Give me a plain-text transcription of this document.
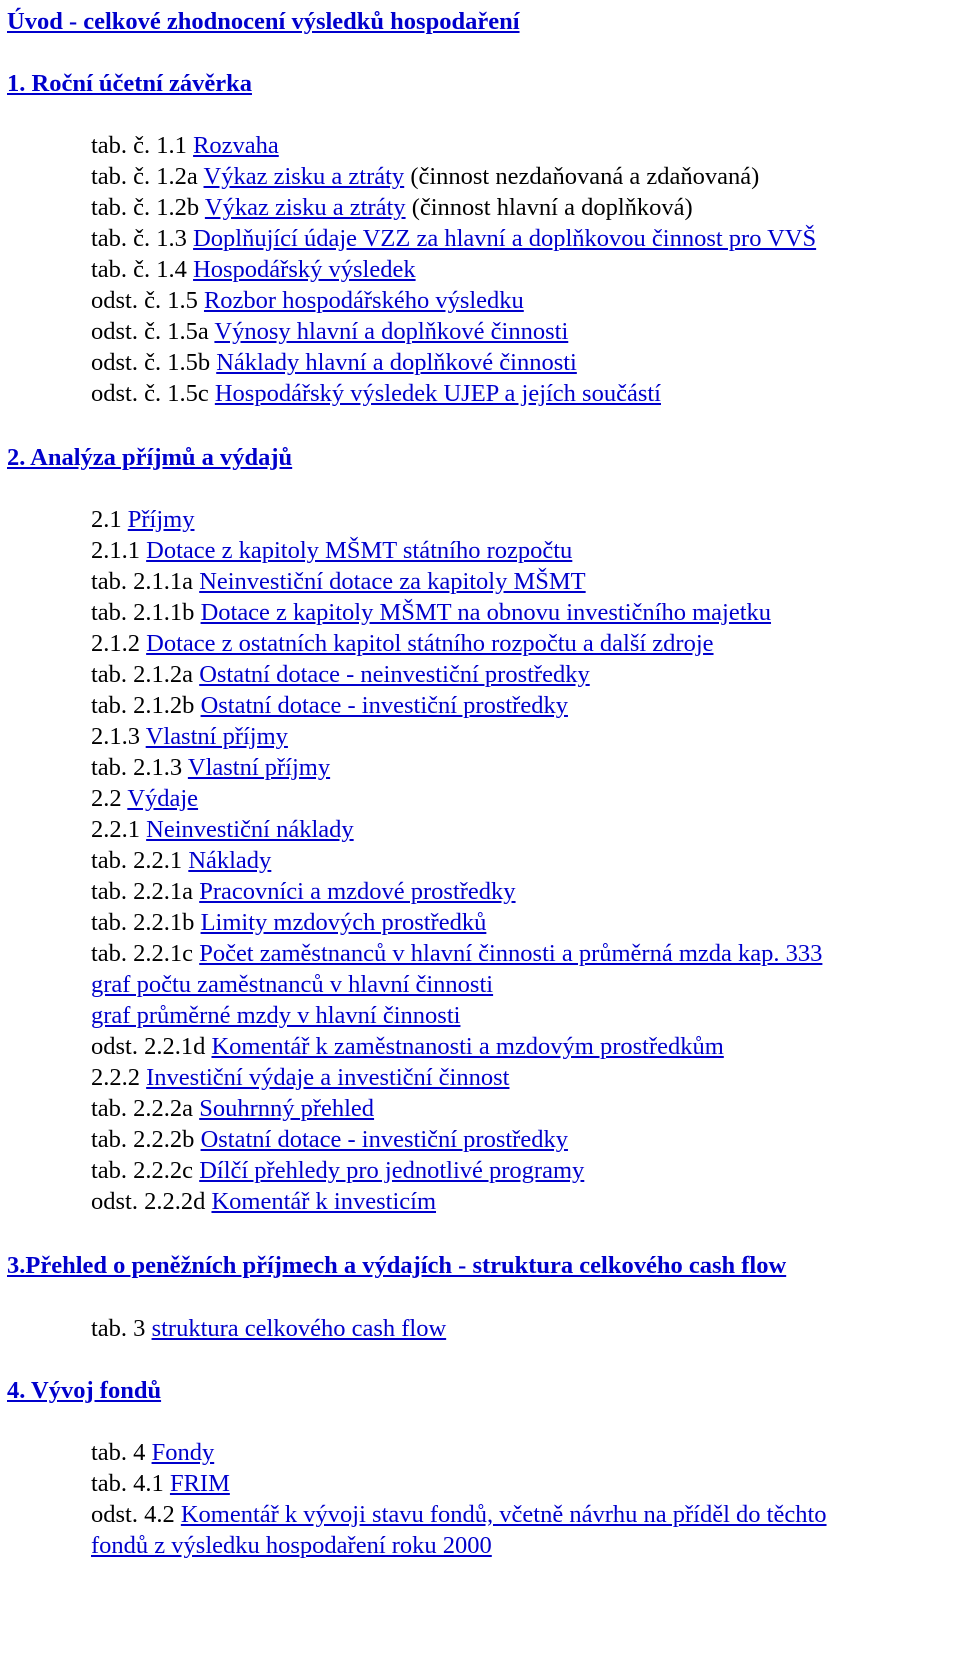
Úvod - celkové zhodnocení výsledků hospodaření
1. Roční účetní závěrka
tab. č. 1.1 Rozvaha
tab. č. 1.2a Výkaz zisku a ztráty (činnost nezdaňovaná a zdaňovaná)
tab. č. 1.2b Výkaz zisku a ztráty (činnost hlavní a doplňková)
tab. č. 1.3 Doplňující údaje VZZ za hlavní a doplňkovou činnost pro VVŠ
tab. č. 1.4 Hospodářský výsledek
odst. č. 1.5 Rozbor hospodářského výsledku
odst. č. 1.5a Výnosy hlavní a doplňkové činnosti
odst. č. 1.5b Náklady hlavní a doplňkové činnosti
odst. č. 1.5c Hospodářský výsledek UJEP a jejích součástí
2. Analýza příjmů a výdajů
2.1 Příjmy
2.1.1 Dotace z kapitoly MŠMT státního rozpočtu
tab. 2.1.1a Neinvestiční dotace za kapitoly MŠMT
tab. 2.1.1b Dotace z kapitoly MŠMT na obnovu investičního majetku
2.1.2 Dotace z ostatních kapitol státního rozpočtu a další zdroje
tab. 2.1.2a Ostatní dotace - neinvestiční prostředky
tab. 2.1.2b Ostatní dotace - investiční prostředky
2.1.3 Vlastní příjmy
tab. 2.1.3 Vlastní příjmy
2.2 Výdaje
2.2.1 Neinvestiční náklady
tab. 2.2.1 Náklady
tab. 2.2.1a Pracovníci a mzdové prostředky
tab. 2.2.1b Limity mzdových prostředků
tab. 2.2.1c Počet zaměstnanců v hlavní činnosti a průměrná mzda kap. 333
graf počtu zaměstnanců v hlavní činnosti
graf průměrné mzdy v hlavní činnosti
odst. 2.2.1d Komentář k zaměstnanosti a mzdovým prostředkům
2.2.2 Investiční výdaje a investiční činnost
tab. 2.2.2a Souhrnný přehled
tab. 2.2.2b Ostatní dotace - investiční prostředky
tab. 2.2.2c Dílčí přehledy pro jednotlivé programy
odst. 2.2.2d Komentář k investicím
3.Přehled o peněžních příjmech a výdajích - struktura celkového cash flow
tab. 3 struktura celkového cash flow
4. Vývoj fondů
tab. 4 Fondy
tab. 4.1 FRIM
odst. 4.2 Komentář k vývoji stavu fondů, včetně návrhu na příděl do těchto
fondů z výsledku hospodaření roku 2000
